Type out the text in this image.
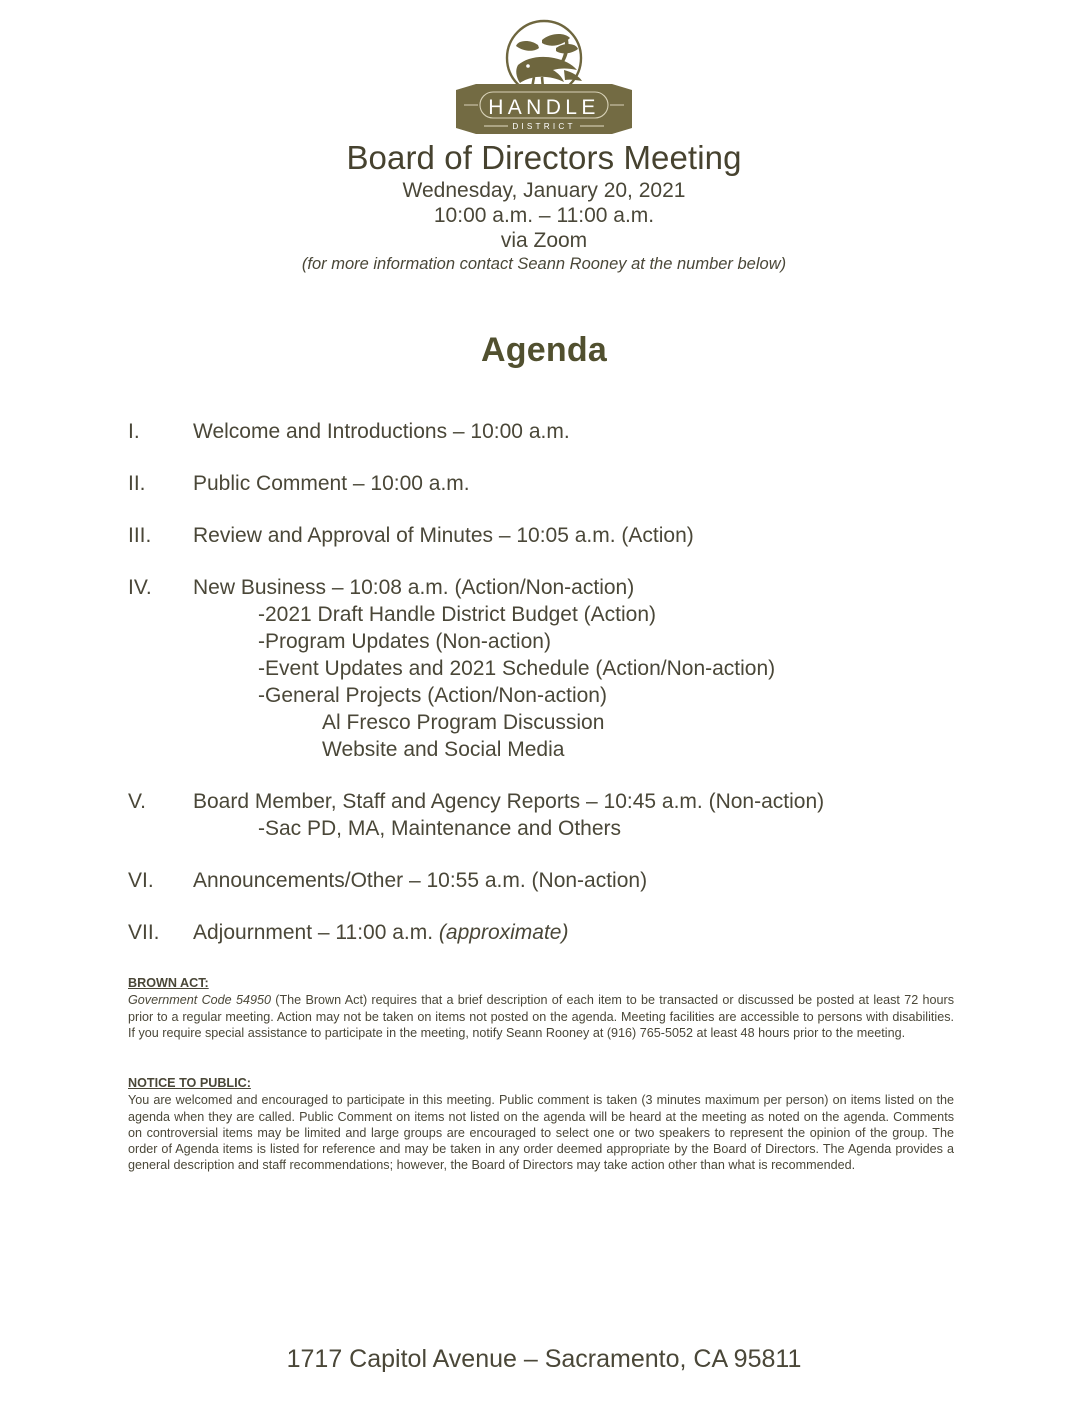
HANDLE
DISTRICT
Board of Directors Meeting
Wednesday, January 20, 2021
10:00 a.m. – 11:00 a.m.
via Zoom
(for more information contact Seann Rooney at the number below)
Agenda
I.	Welcome and Introductions – 10:00 a.m.
II. Public Comment – 10:00 a.m.
III. Review and Approval of Minutes – 10:05 a.m. (Action)
IV. New Business – 10:08 a.m. (Action/Non-action)
-2021 Draft Handle District Budget (Action)
-Program Updates (Non-action)
-Event Updates and 2021 Schedule (Action/Non-action)
-General Projects (Action/Non-action)
Al Fresco Program Discussion
Website and Social Media
V. Board Member, Staff and Agency Reports – 10:45 a.m. (Non-action)
-Sac PD, MA, Maintenance and Others
VI. Announcements/Other – 10:55 a.m. (Non-action)
VII. Adjournment – 11:00 a.m. (approximate)
BROWN ACT:
Government Code 54950 (The Brown Act) requires that a brief description of each item to be transacted or discussed be posted at least 72 hours prior to a regular meeting. Action may not be taken on items not posted on the agenda. Meeting facilities are accessible to persons with disabilities. If you require special assistance to participate in the meeting, notify Seann Rooney at (916) 765-5052 at least 48 hours prior to the meeting.
NOTICE TO PUBLIC:
You are welcomed and encouraged to participate in this meeting. Public comment is taken (3 minutes maximum per person) on items listed on the agenda when they are called. Public Comment on items not listed on the agenda will be heard at the meeting as noted on the agenda. Comments on controversial items may be limited and large groups are encouraged to select one or two speakers to represent the opinion of the group. The order of Agenda items is listed for reference and may be taken in any order deemed appropriate by the Board of Directors. The Agenda provides a general description and staff recommendations; however, the Board of Directors may take action other than what is recommended.
1717 Capitol Avenue – Sacramento, CA 95811
